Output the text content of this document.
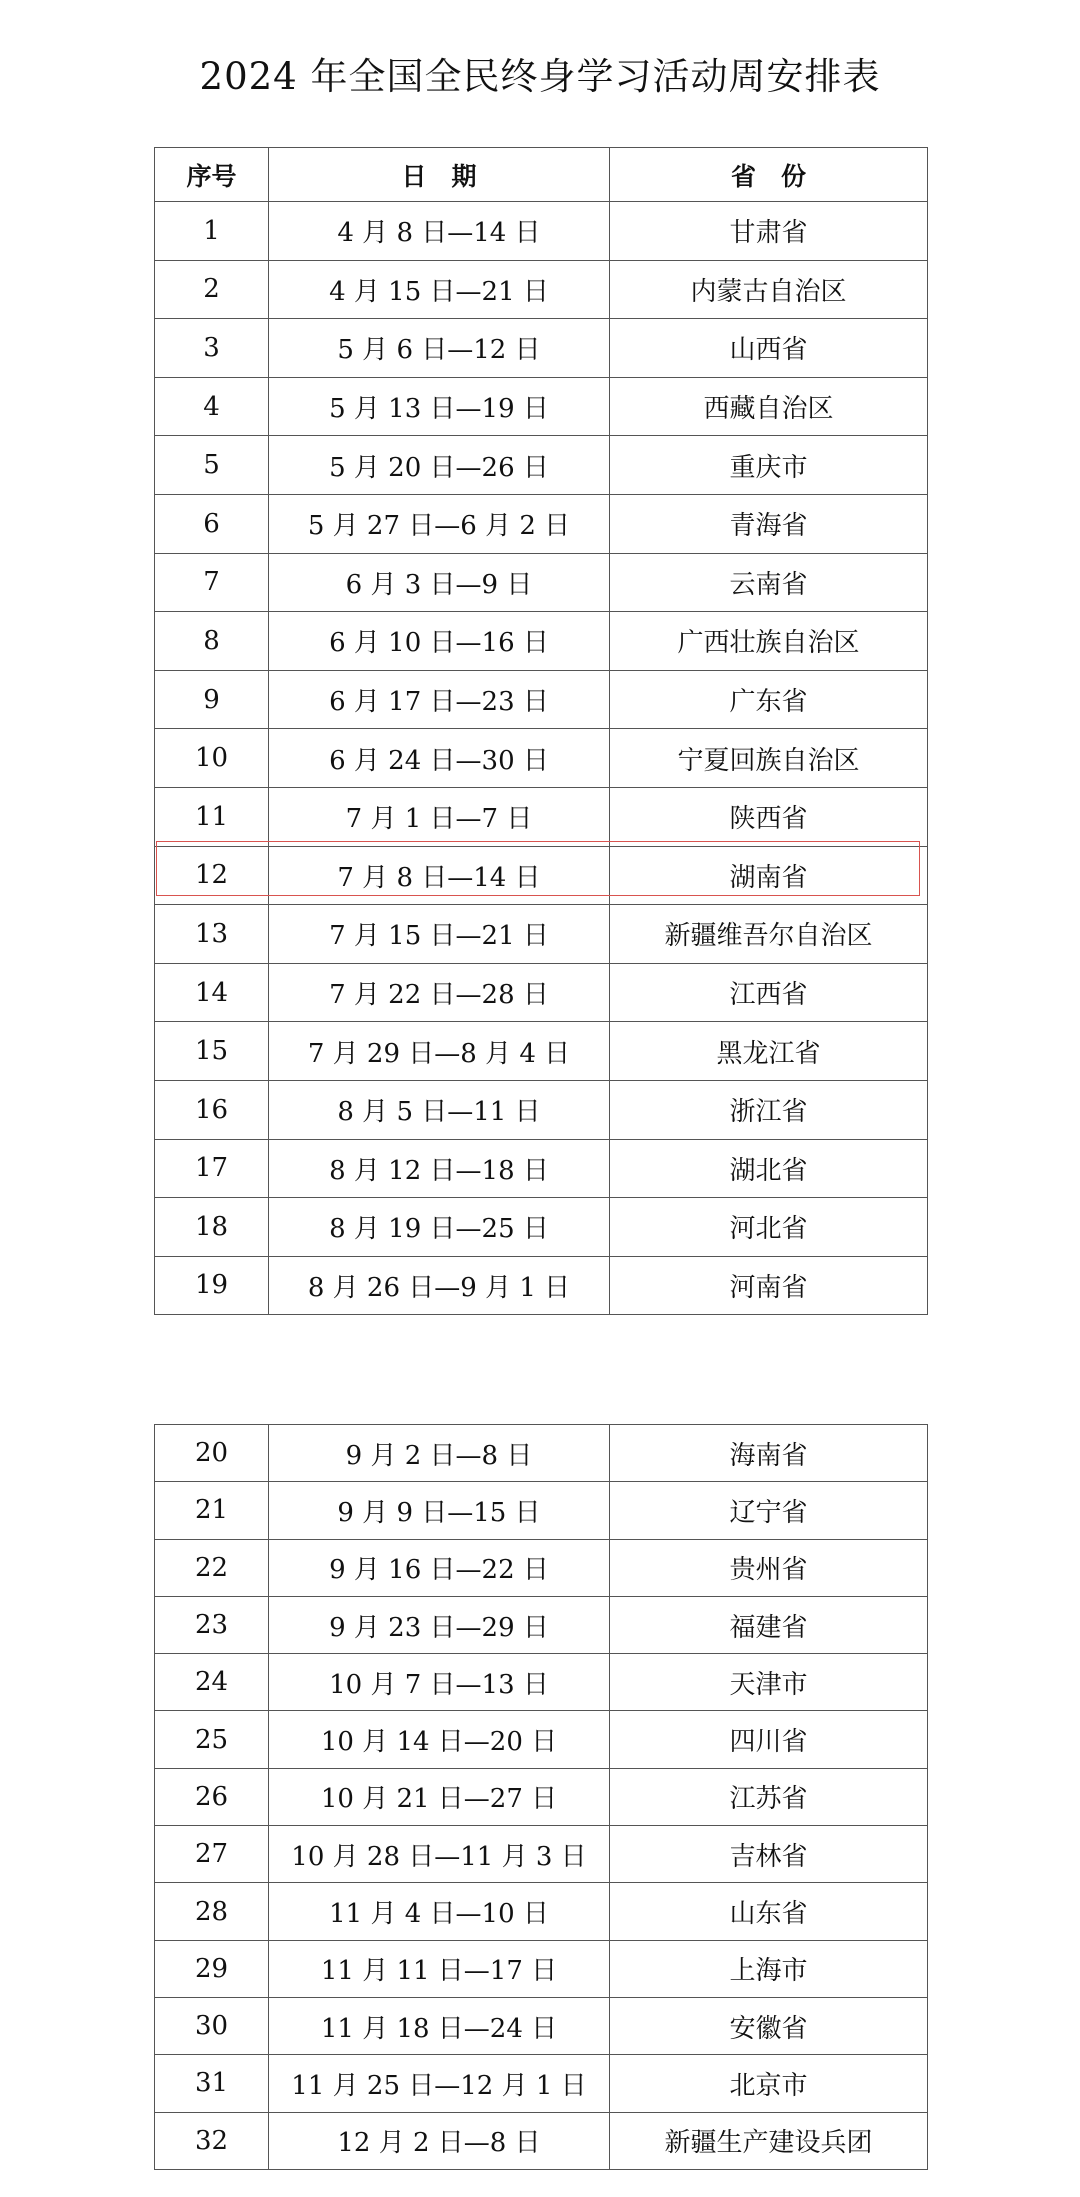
2024 年全国全民终身学习活动周安排表
序号	日　期	省　份
1	4 月 8 日—14 日	甘肃省
2	4 月 15 日—21 日	内蒙古自治区
3	5 月 6 日—12 日	山西省
4	5 月 13 日—19 日	西藏自治区
5	5 月 20 日—26 日	重庆市
6	5 月 27 日—6 月 2 日	青海省
7	6 月 3 日—9 日	云南省
8	6 月 10 日—16 日	广西壮族自治区
9	6 月 17 日—23 日	广东省
10	6 月 24 日—30 日	宁夏回族自治区
11	7 月 1 日—7 日	陕西省
12	7 月 8 日—14 日	湖南省
13	7 月 15 日—21 日	新疆维吾尔自治区
14	7 月 22 日—28 日	江西省
15	7 月 29 日—8 月 4 日	黑龙江省
16	8 月 5 日—11 日	浙江省
17	8 月 12 日—18 日	湖北省
18	8 月 19 日—25 日	河北省
19	8 月 26 日—9 月 1 日	河南省
20	9 月 2 日—8 日	海南省
21	9 月 9 日—15 日	辽宁省
22	9 月 16 日—22 日	贵州省
23	9 月 23 日—29 日	福建省
24	10 月 7 日—13 日	天津市
25	10 月 14 日—20 日	四川省
26	10 月 21 日—27 日	江苏省
27	10 月 28 日—11 月 3 日	吉林省
28	11 月 4 日—10 日	山东省
29	11 月 11 日—17 日	上海市
30	11 月 18 日—24 日	安徽省
31	11 月 25 日—12 月 1 日	北京市
32	12 月 2 日—8 日	新疆生产建设兵团
